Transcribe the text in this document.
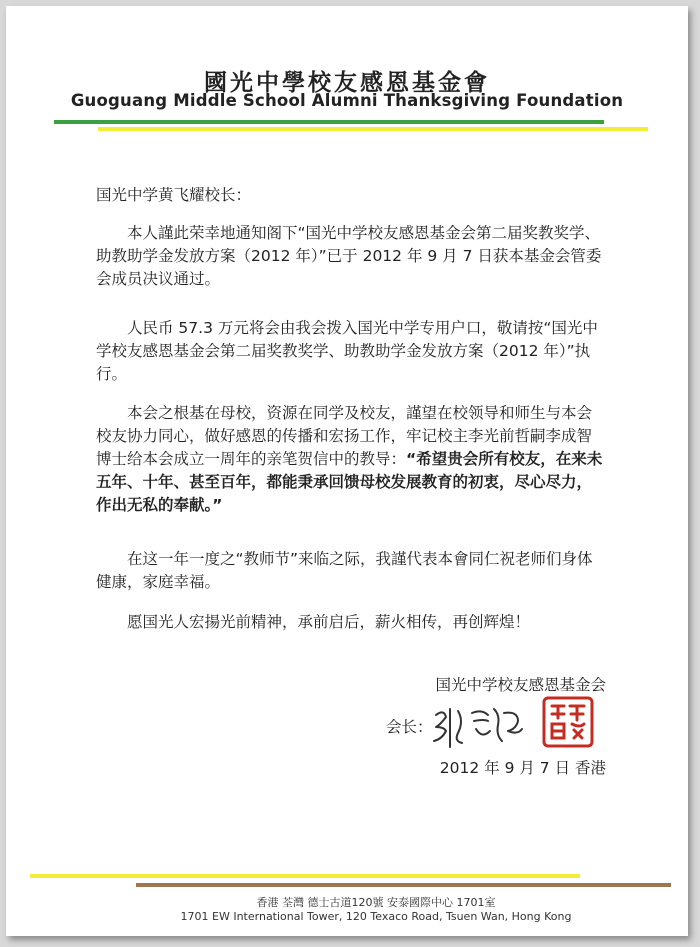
國光中學校友感恩基金會
Guoguang Middle School Alumni Thanksgiving Foundation
国光中学黄飞耀校长：
本人謹此荣幸地通知阁下“国光中学校友感恩基金会第二届奖教奖学、助教助学金发放方案（2012 年）”已于 2012 年 9 月 7 日获本基金会管委会成员决议通过。
人民币 57.3 万元将会由我会拨入国光中学专用户口，敬请按“国光中学校友感恩基金会第二届奖教奖学、助教助学金发放方案（2012 年）”执行。
本会之根基在母校，资源在同学及校友，謹望在校领导和师生与本会校友协力同心，做好感恩的传播和宏扬工作，牢记校主李光前哲嗣李成智博士给本会成立一周年的亲笔贺信中的教导：“希望贵会所有校友，在来未五年、十年、甚至百年，都能秉承回馈母校发展教育的初衷，尽心尽力，作出无私的奉献。”
在这一年一度之“教师节”来临之际，我謹代表本會同仁祝老师们身体健康，家庭幸福。
愿国光人宏揚光前精神，承前启后，薪火相传，再创辉煌！
国光中学校友感恩基金会
会长：
2012 年 9 月 7 日 香港
香港 荃灣 德士古道120號 安泰國際中心 1701室
1701 EW International Tower, 120 Texaco Road, Tsuen Wan, Hong Kong
